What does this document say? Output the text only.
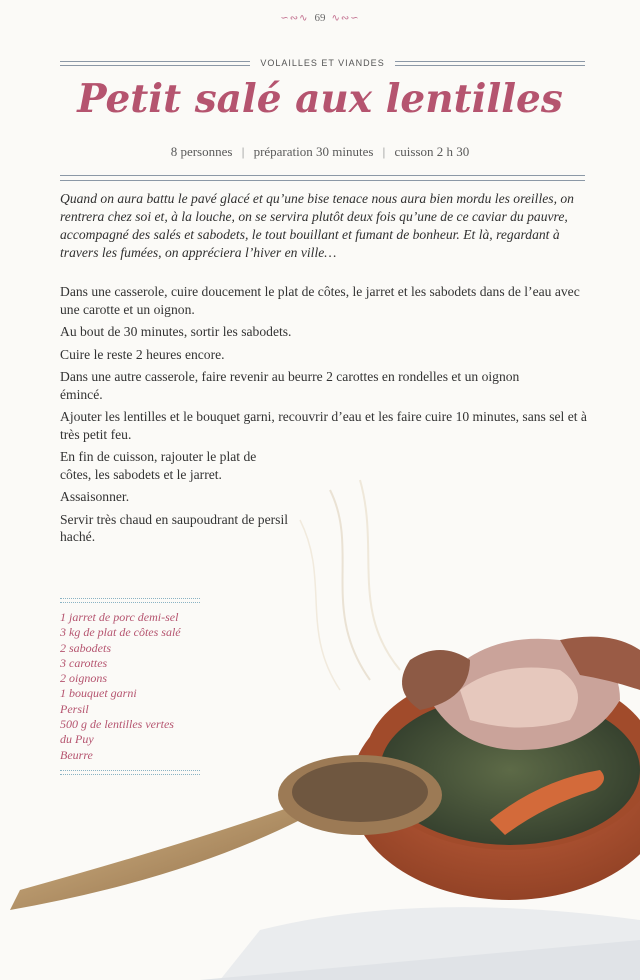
∽∾∿ 69 ∿∾∽
VOLAILLES ET VIANDES
Petit salé aux lentilles
8 personnes | préparation 30 minutes | cuisson 2 h 30

Quand on aura battu le pavé glacé et qu’une bise tenace nous aura bien mordu les oreilles, on rentrera chez soi et, à la louche, on se servira plutôt deux fois qu’une de ce caviar du pauvre, accompagné des salés et sabodets, le tout bouillant et fumant de bonheur. Et là, regardant à travers les fumées, on appréciera l’hiver en ville…

Dans une casserole, cuire doucement le plat de côtes, le jarret et les sabodets dans de l’eau avec une carotte et un oignon.

Au bout de 30 minutes, sortir les sabodets.

Cuire le reste 2 heures encore.

Dans une autre casserole, faire revenir au beurre 2 carottes en rondelles et un oignon émincé.

Ajouter les lentilles et le bouquet garni, recouvrir d’eau et les faire cuire 10 minutes, sans sel et à très petit feu.

En fin de cuisson, rajouter le plat de côtes, les sabodets et le jarret.

Assaisonner.

Servir très chaud en saupoudrant de persil haché.

1 jarret de porc demi-sel
3 kg de plat de côtes salé
2 sabodets
3 carottes
2 oignons
1 bouquet garni
Persil
500 g de lentilles vertes
du Puy
Beurre
